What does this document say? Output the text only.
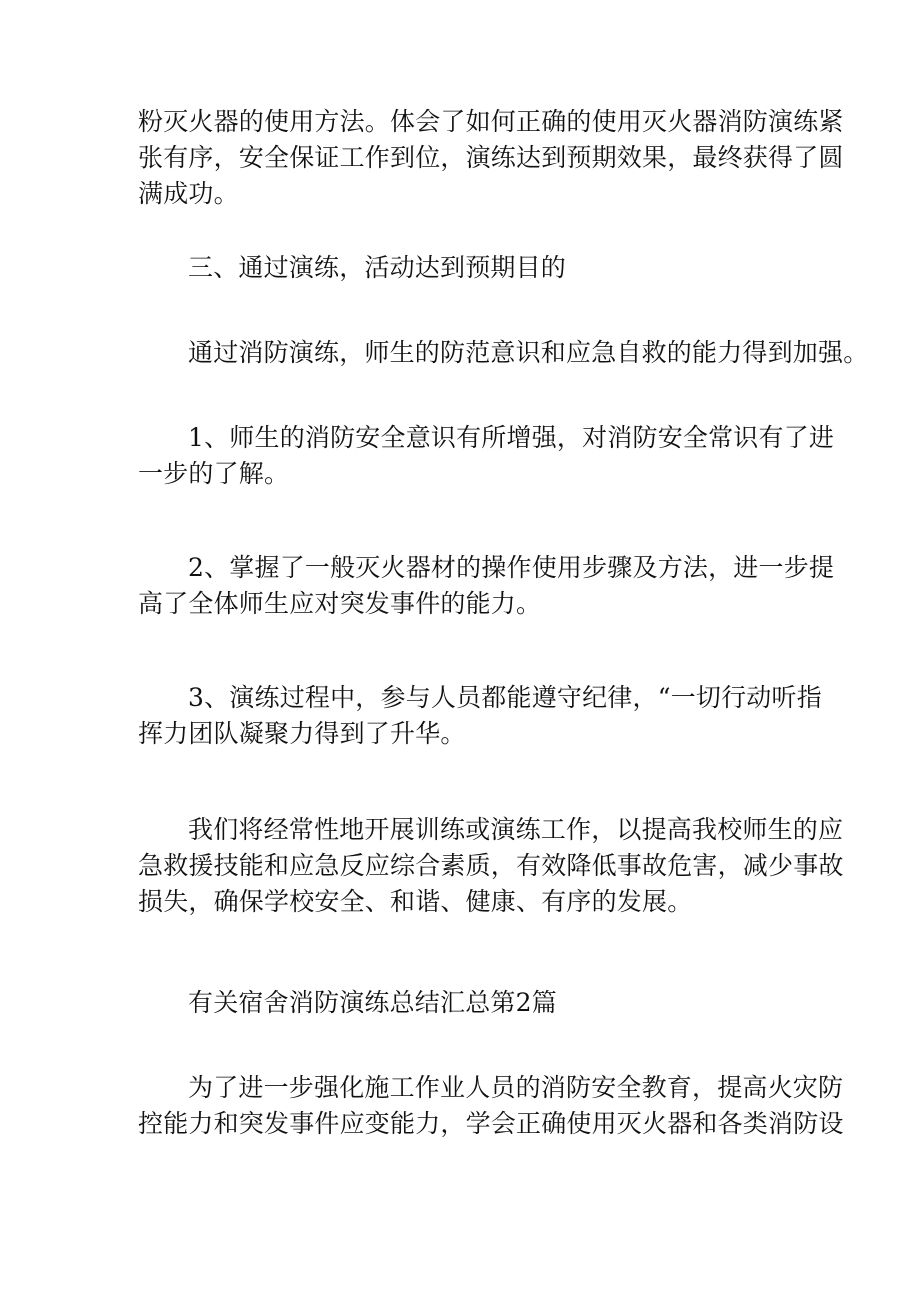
粉灭火器的使用方法。体会了如何正确的使用灭火器消防演练紧
张有序，安全保证工作到位，演练达到预期效果，最终获得了圆
满成功。

三、通过演练，活动达到预期目的

通过消防演练，师生的防范意识和应急自救的能力得到加强。

1、师生的消防安全意识有所增强，对消防安全常识有了进
一步的了解。

2、掌握了一般灭火器材的操作使用步骤及方法，进一步提
高了全体师生应对突发事件的能力。

3、演练过程中，参与人员都能遵守纪律，“一切行动听指
挥力团队凝聚力得到了升华。

我们将经常性地开展训练或演练工作，以提高我校师生的应
急救援技能和应急反应综合素质，有效降低事故危害，减少事故
损失，确保学校安全、和谐、健康、有序的发展。

有关宿舍消防演练总结汇总第2篇

为了进一步强化施工作业人员的消防安全教育，提高火灾防
控能力和突发事件应变能力，学会正确使用灭火器和各类消防设
